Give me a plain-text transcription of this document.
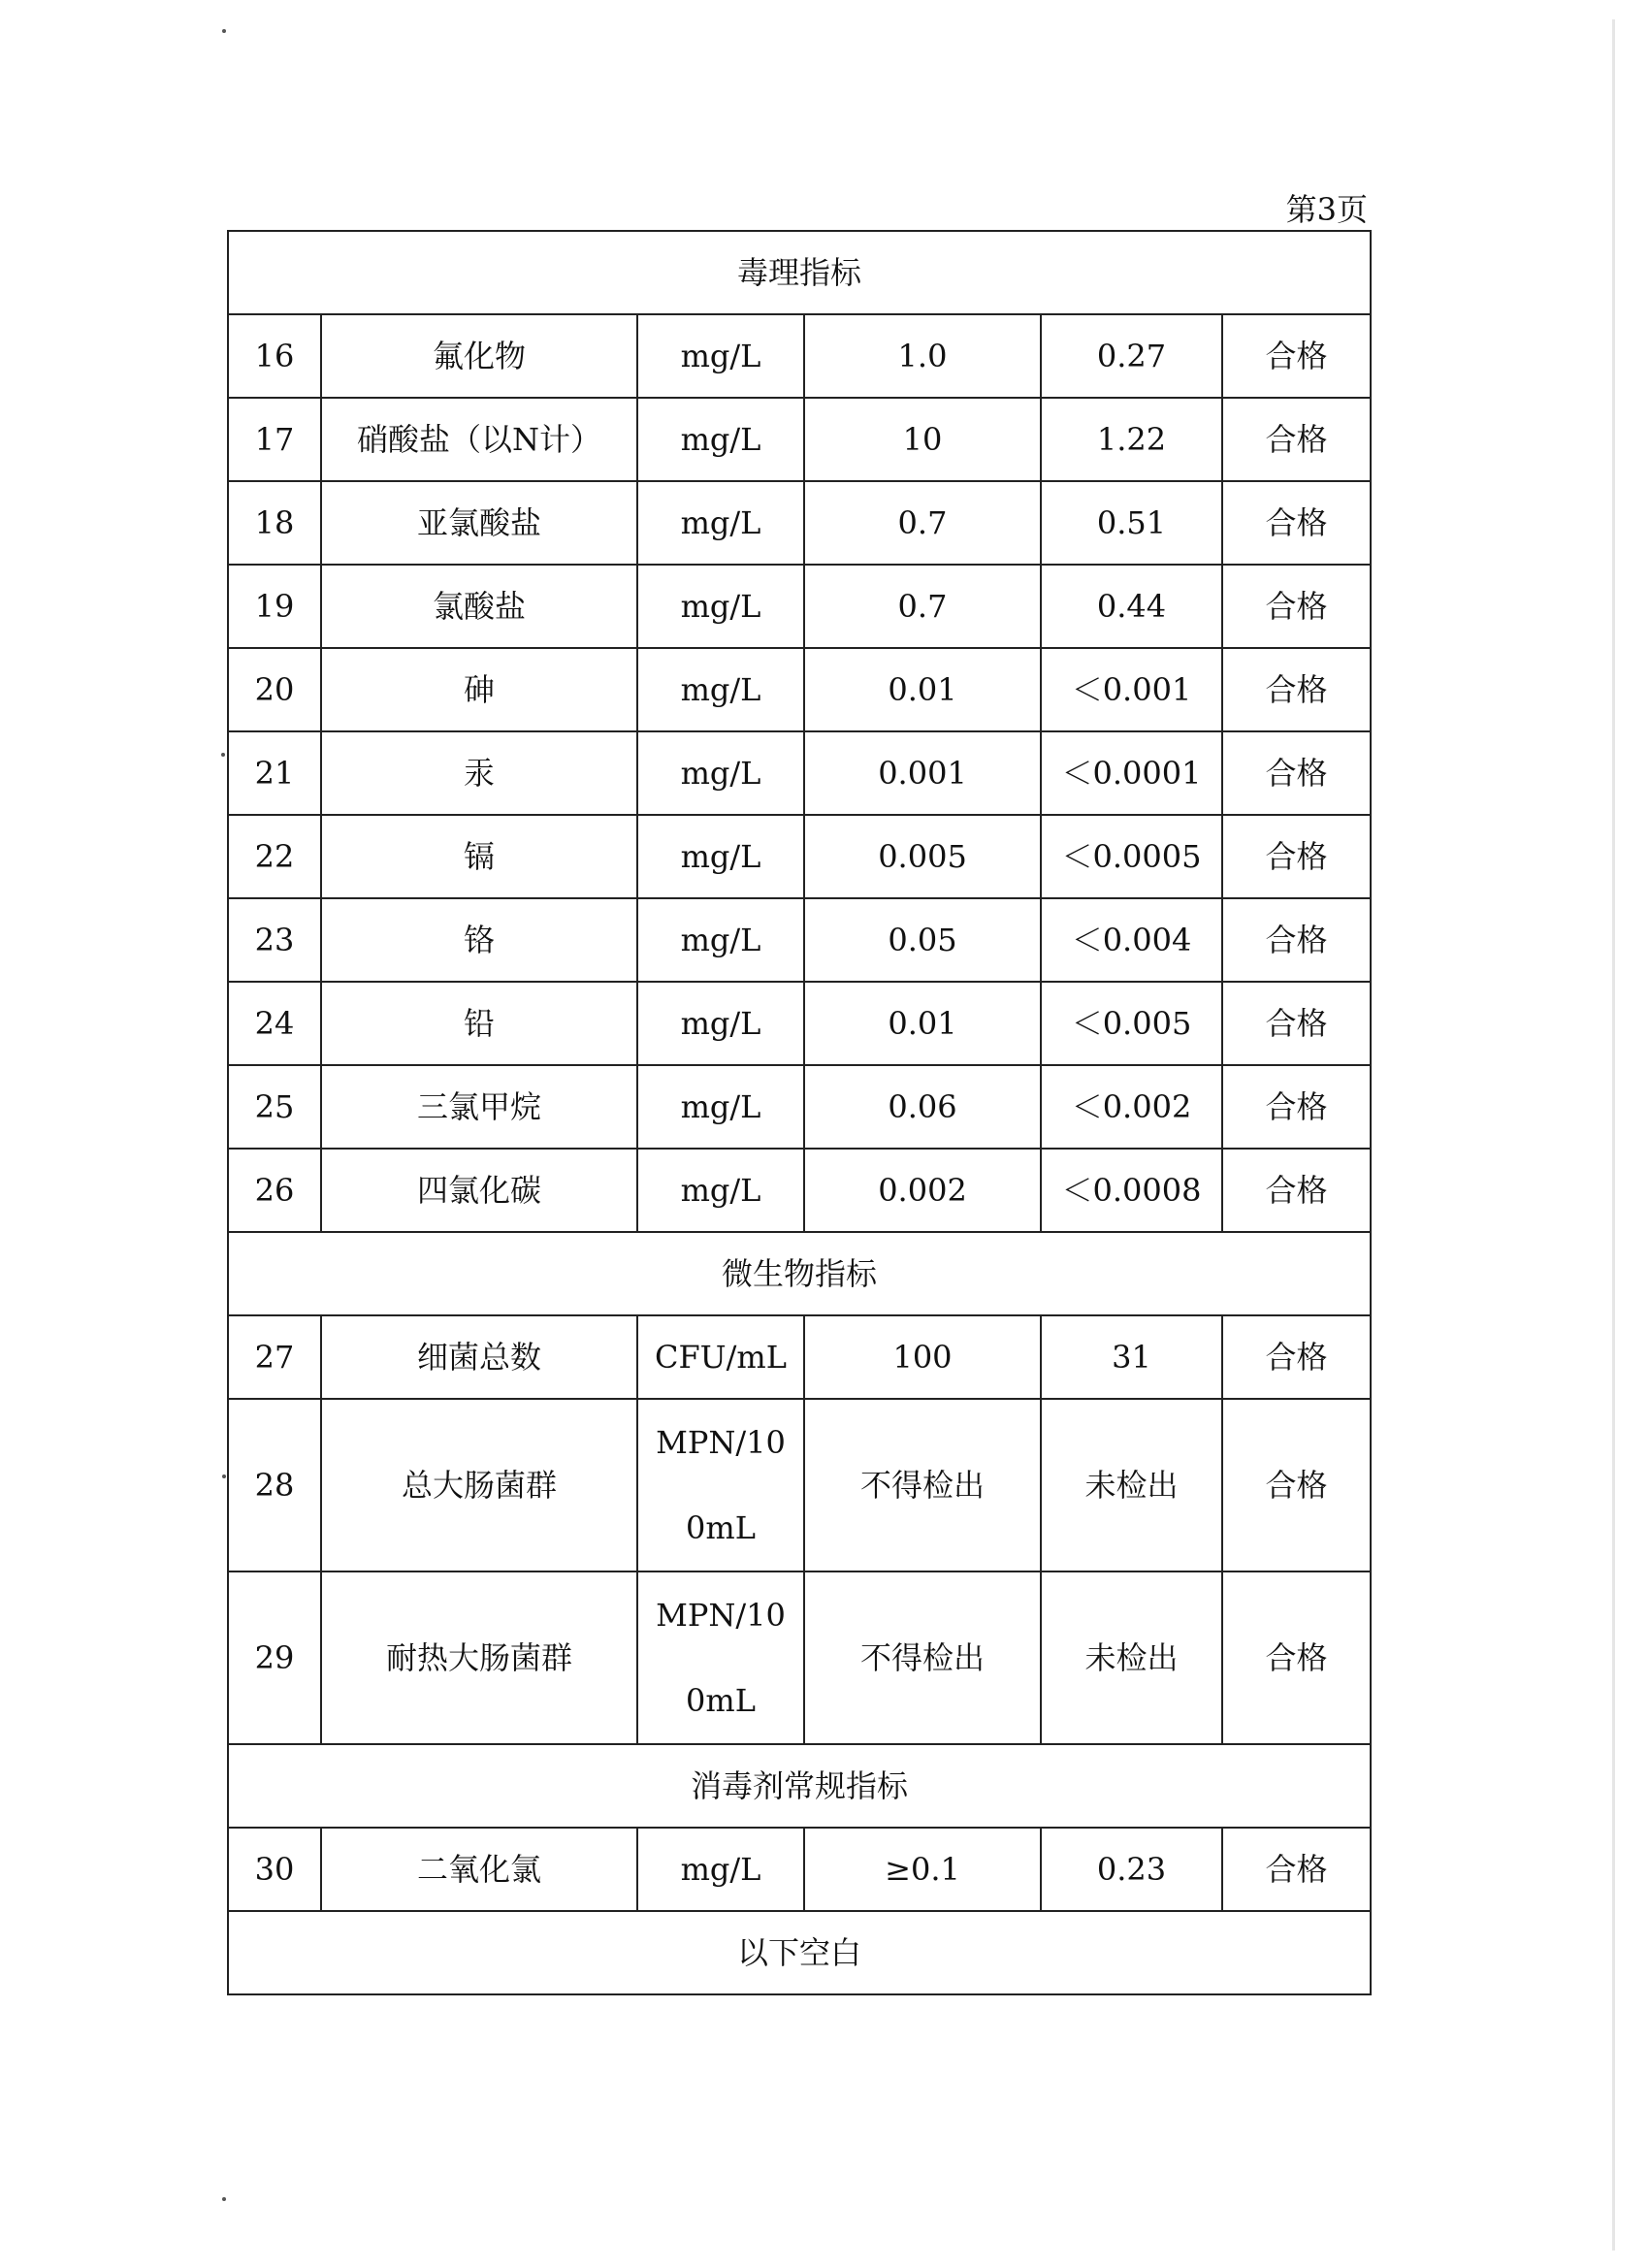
第3页
毒理指标					
16	氟化物	mg/L	1.0	0.27	合格
17	硝酸盐（以N计）	mg/L	10	1.22	合格
18	亚氯酸盐	mg/L	0.7	0.51	合格
19	氯酸盐	mg/L	0.7	0.44	合格
20	砷	mg/L	0.01	＜0.001	合格
21	汞	mg/L	0.001	＜0.0001	合格
22	镉	mg/L	0.005	＜0.0005	合格
23	铬	mg/L	0.05	＜0.004	合格
24	铅	mg/L	0.01	＜0.005	合格
25	三氯甲烷	mg/L	0.06	＜0.002	合格
26	四氯化碳	mg/L	0.002	＜0.0008	合格
微生物指标					
27	细菌总数	CFU/mL	100	31	合格
28	总大肠菌群	MPN/100mL	不得检出	未检出	合格
29	耐热大肠菌群	MPN/100mL	不得检出	未检出	合格
消毒剂常规指标					
30	二氧化氯	mg/L	≥0.1	0.23	合格
以下空白					
